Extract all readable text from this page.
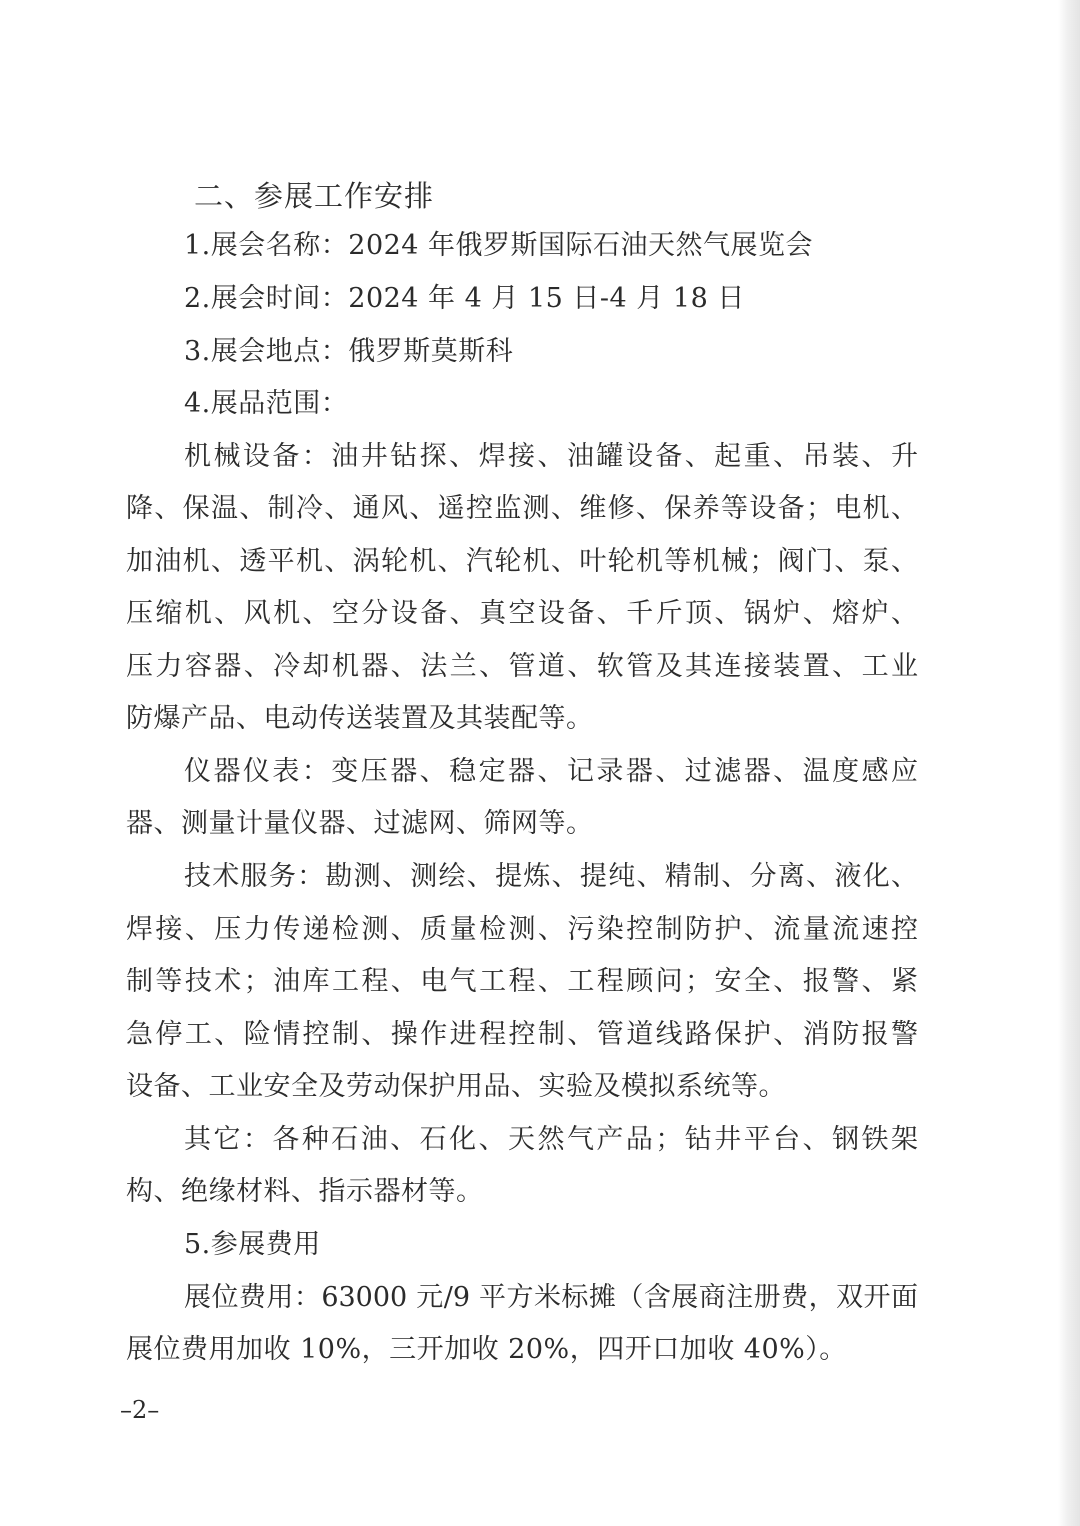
二、参展工作安排
1.展会名称：2024 年俄罗斯国际石油天然气展览会
2.展会时间：2024 年 4 月 15 日-4 月 18 日
3.展会地点：俄罗斯莫斯科
4.展品范围：
机械设备：油井钻探、焊接、油罐设备、起重、吊装、升
降、保温、制冷、通风、遥控监测、维修、保养等设备；电机、
加油机、透平机、涡轮机、汽轮机、叶轮机等机械；阀门、泵、
压缩机、风机、空分设备、真空设备、千斤顶、锅炉、熔炉、
压力容器、冷却机器、法兰、管道、软管及其连接装置、工业
防爆产品、电动传送装置及其装配等。
仪器仪表：变压器、稳定器、记录器、过滤器、温度感应
器、测量计量仪器、过滤网、筛网等。
技术服务：勘测、测绘、提炼、提纯、精制、分离、液化、
焊接、压力传递检测、质量检测、污染控制防护、流量流速控
制等技术；油库工程、电气工程、工程顾问；安全、报警、紧
急停工、险情控制、操作进程控制、管道线路保护、消防报警
设备、工业安全及劳动保护用品、实验及模拟系统等。
其它：各种石油、石化、天然气产品；钻井平台、钢铁架
构、绝缘材料、指示器材等。
5.参展费用
展位费用：63000 元/9 平方米标摊（含展商注册费，双开面
展位费用加收 10%，三开加收 20%，四开口加收 40%）。
–2–
